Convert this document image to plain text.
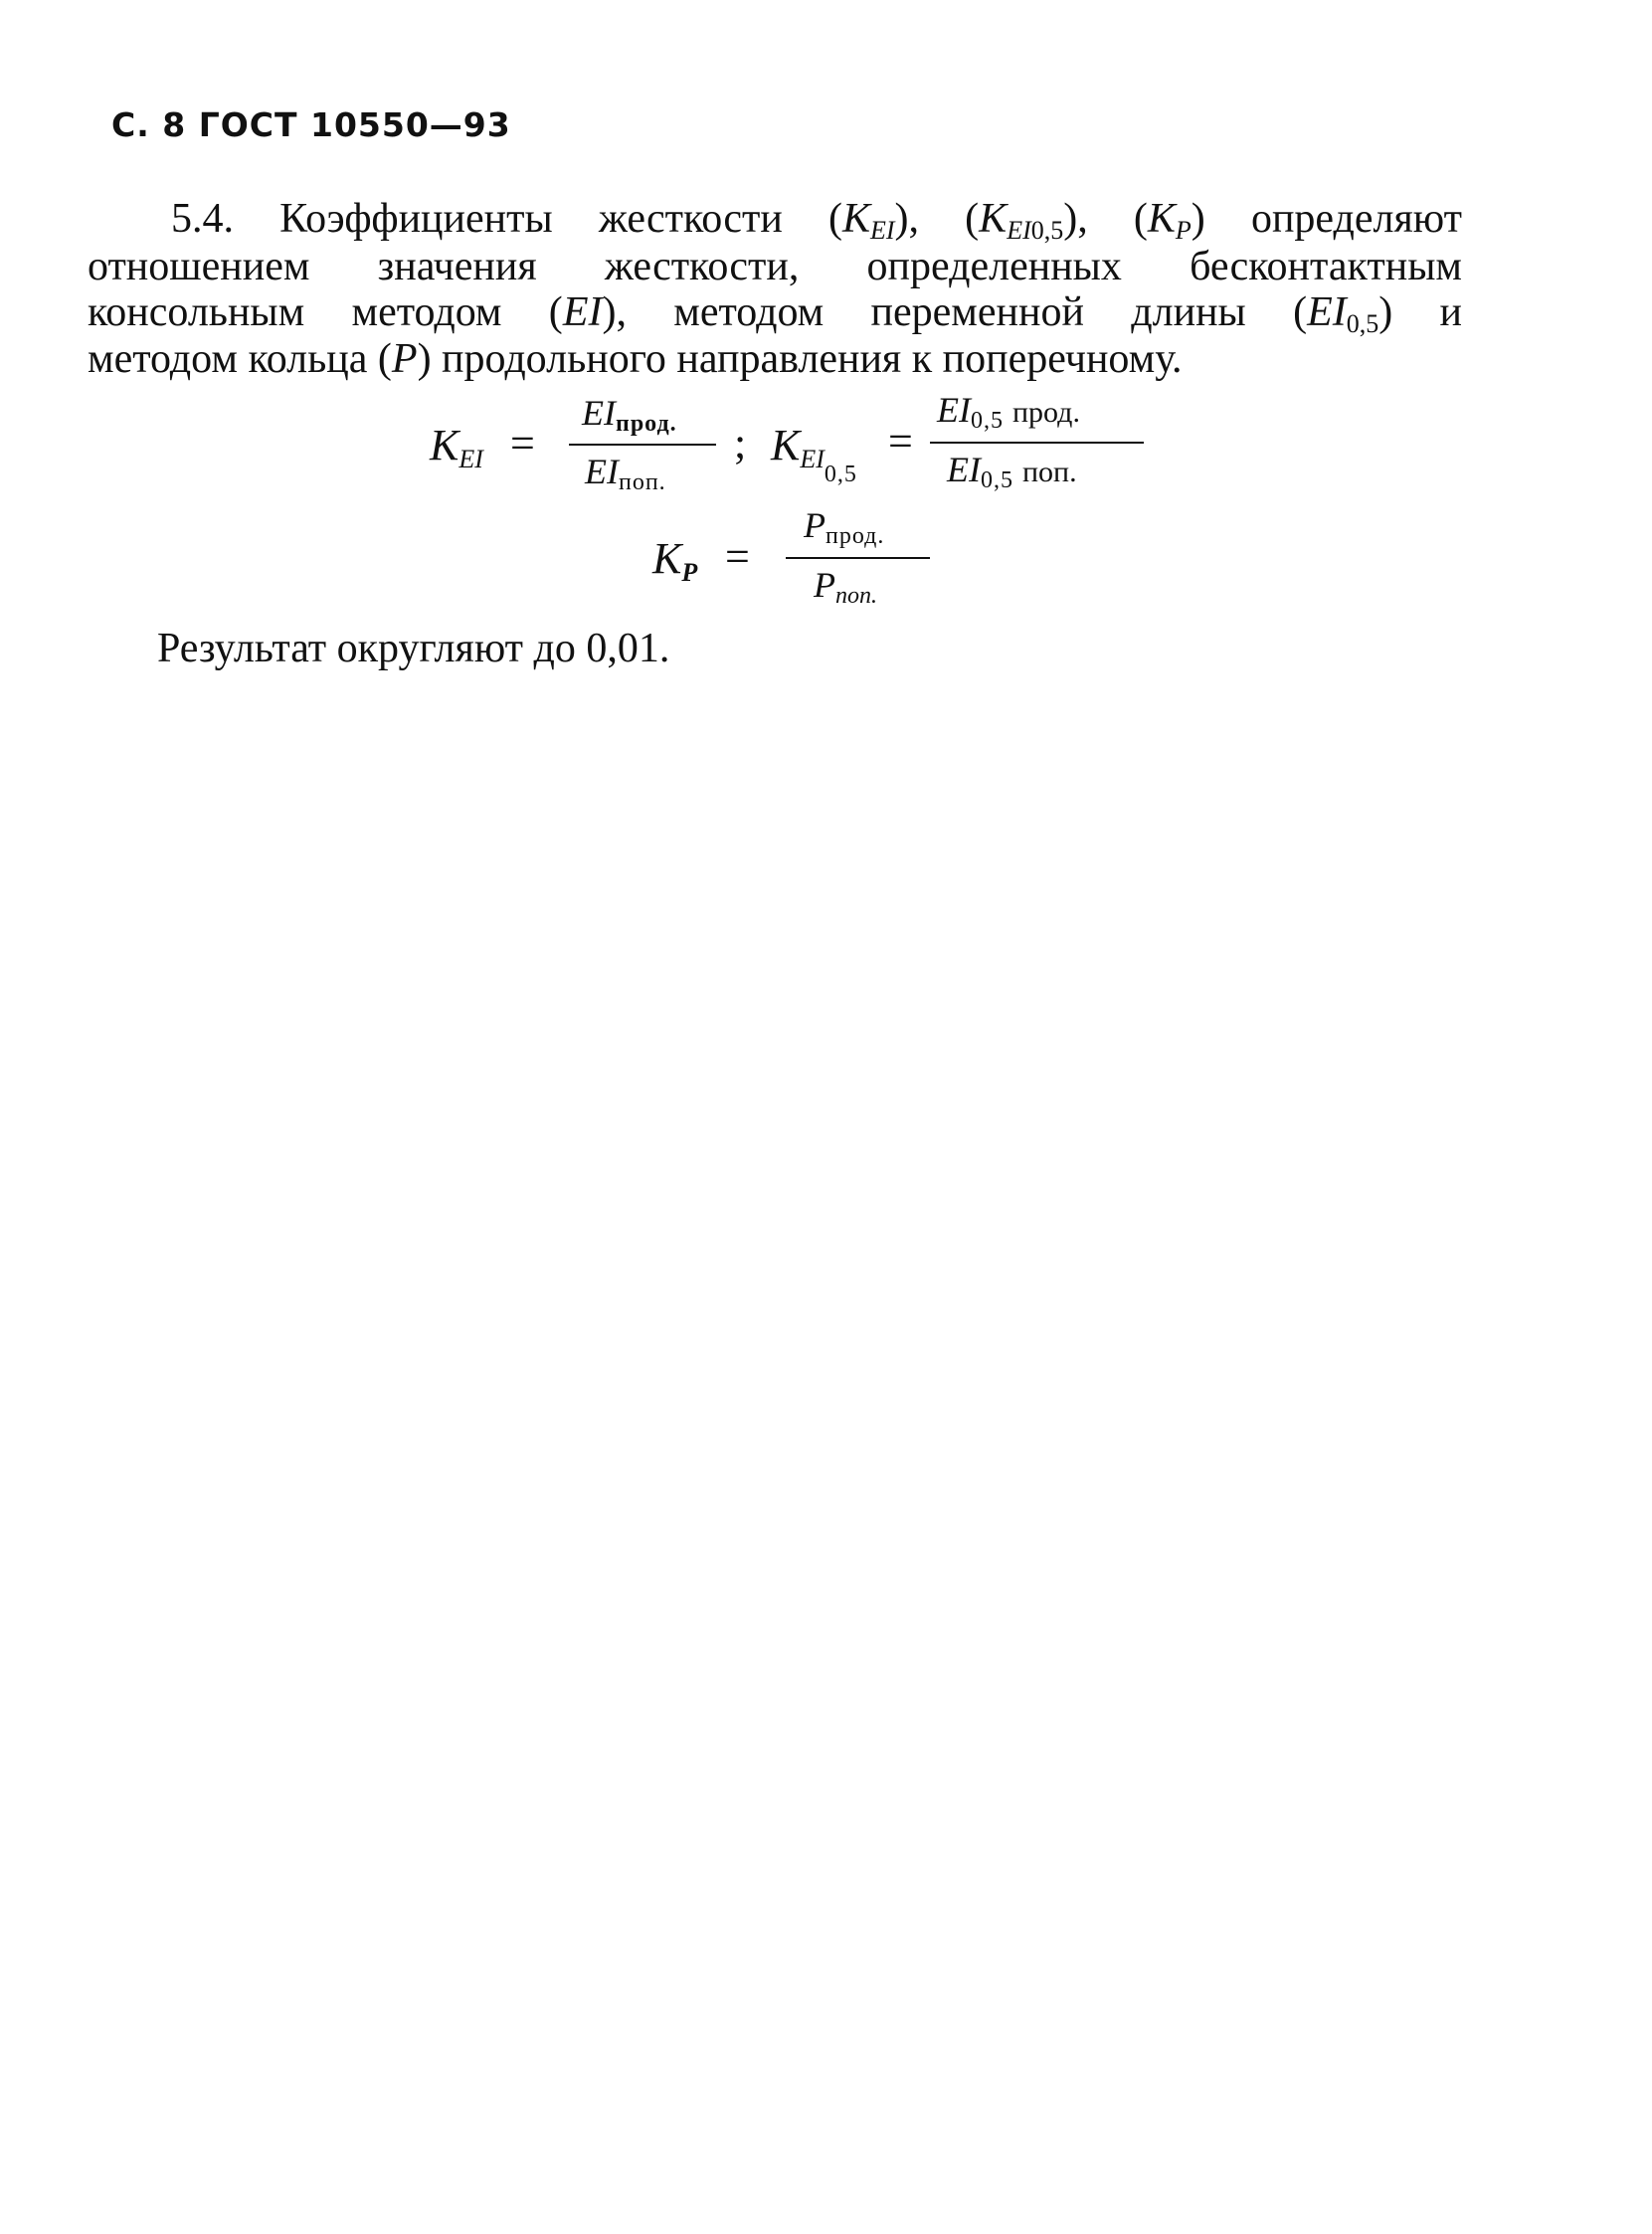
С. 8 ГОСТ 10550—93
5.4. Коэффициенты жесткости $(K_{EI})$, $(K_{EI}0,5)$, $(K_P)$ определяют
отношением значения жесткости, определенных бесконтактным
консольным методом (EI), методом переменной длины (EI0,5) и
методом кольца (P) продольного направления к поперечному.
KEI =
EIпрод.
EIпоп.
; $KEI_{0,5}$
=
EI0,5 прод.
EI0,5 поп.
KP =
Pпрод.
Pпоп.
Результат округляют до 0,01.
